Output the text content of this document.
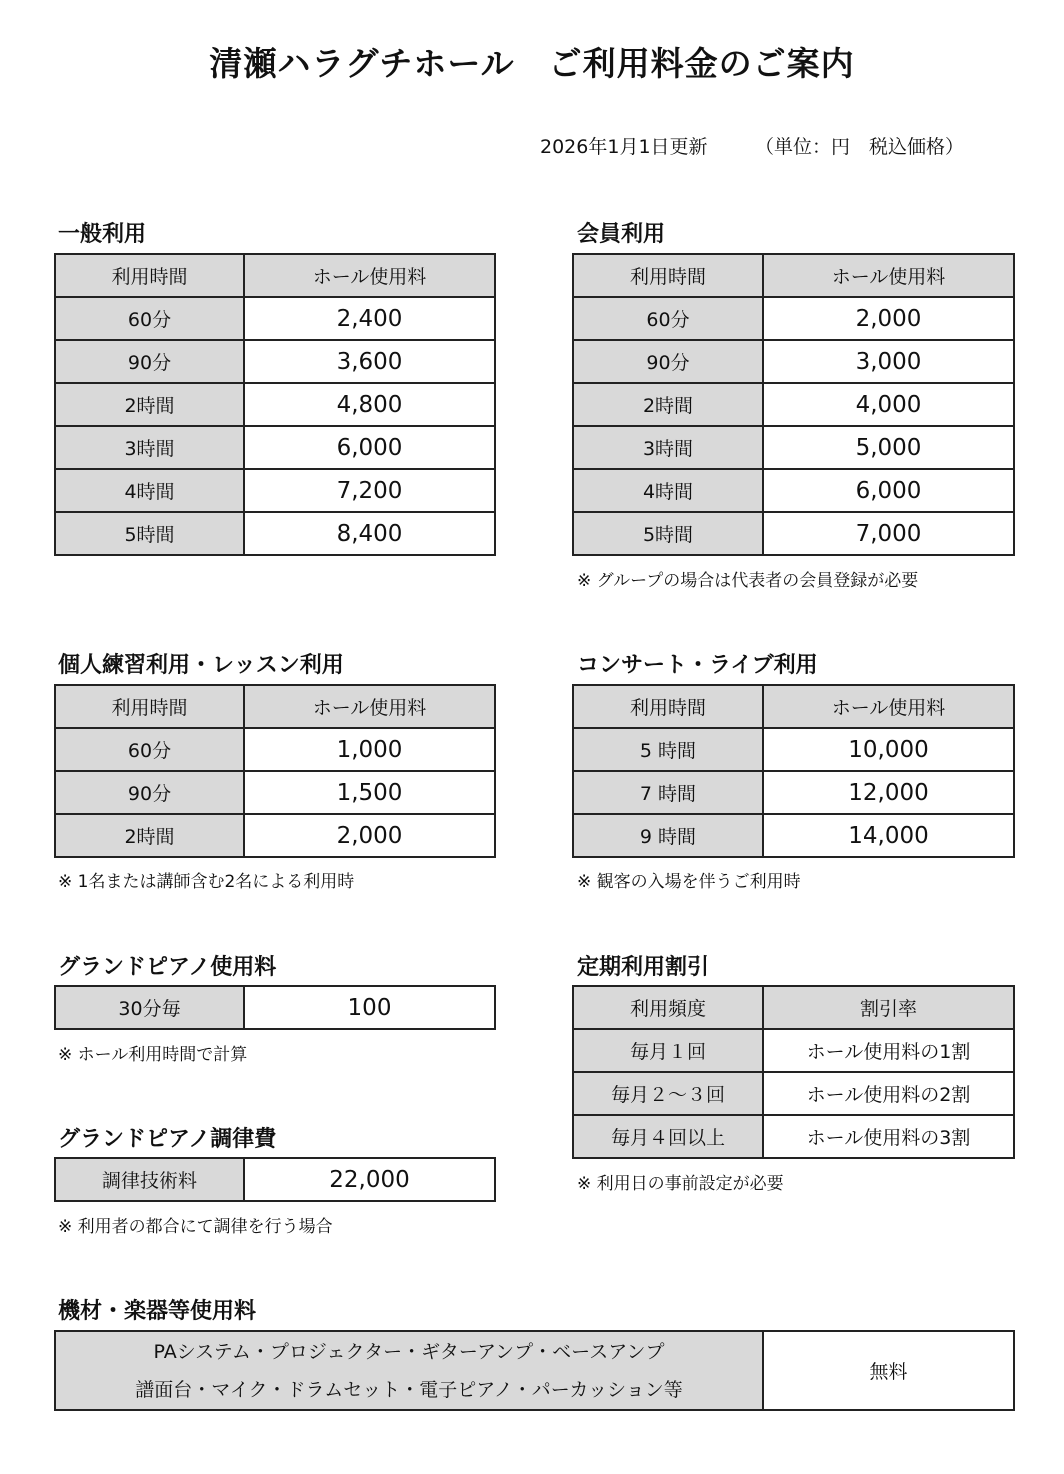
清瀬ハラグチホール　ご利用料金のご案内
2026年1月1日更新　　　（単位：円　税込価格）
一般利用
利用時間	ホール使用料
60分	2,400
90分	3,600
2時間	4,800
3時間	6,000
4時間	7,200
5時間	8,400
会員利用
利用時間	ホール使用料
60分	2,000
90分	3,000
2時間	4,000
3時間	5,000
4時間	6,000
5時間	7,000
※ グループの場合は代表者の会員登録が必要
個人練習利用・レッスン利用
利用時間	ホール使用料
60分	1,000
90分	1,500
2時間	2,000
※ 1名または講師含む2名による利用時
コンサート・ライブ利用
利用時間	ホール使用料
5 時間	10,000
7 時間	12,000
9 時間	14,000
※ 観客の入場を伴うご利用時
グランドピアノ使用料
30分毎	100
※ ホール利用時間で計算
グランドピアノ調律費
調律技術料	22,000
※ 利用者の都合にて調律を行う場合
定期利用割引
利用頻度	割引率
毎月１回	ホール使用料の1割
毎月２～３回	ホール使用料の2割
毎月４回以上	ホール使用料の3割
※ 利用日の事前設定が必要
機材・楽器等使用料
PAシステム・プロジェクター・ギターアンプ・ベースアンプ
譜面台・マイク・ドラムセット・電子ピアノ・パーカッション等
	無料
